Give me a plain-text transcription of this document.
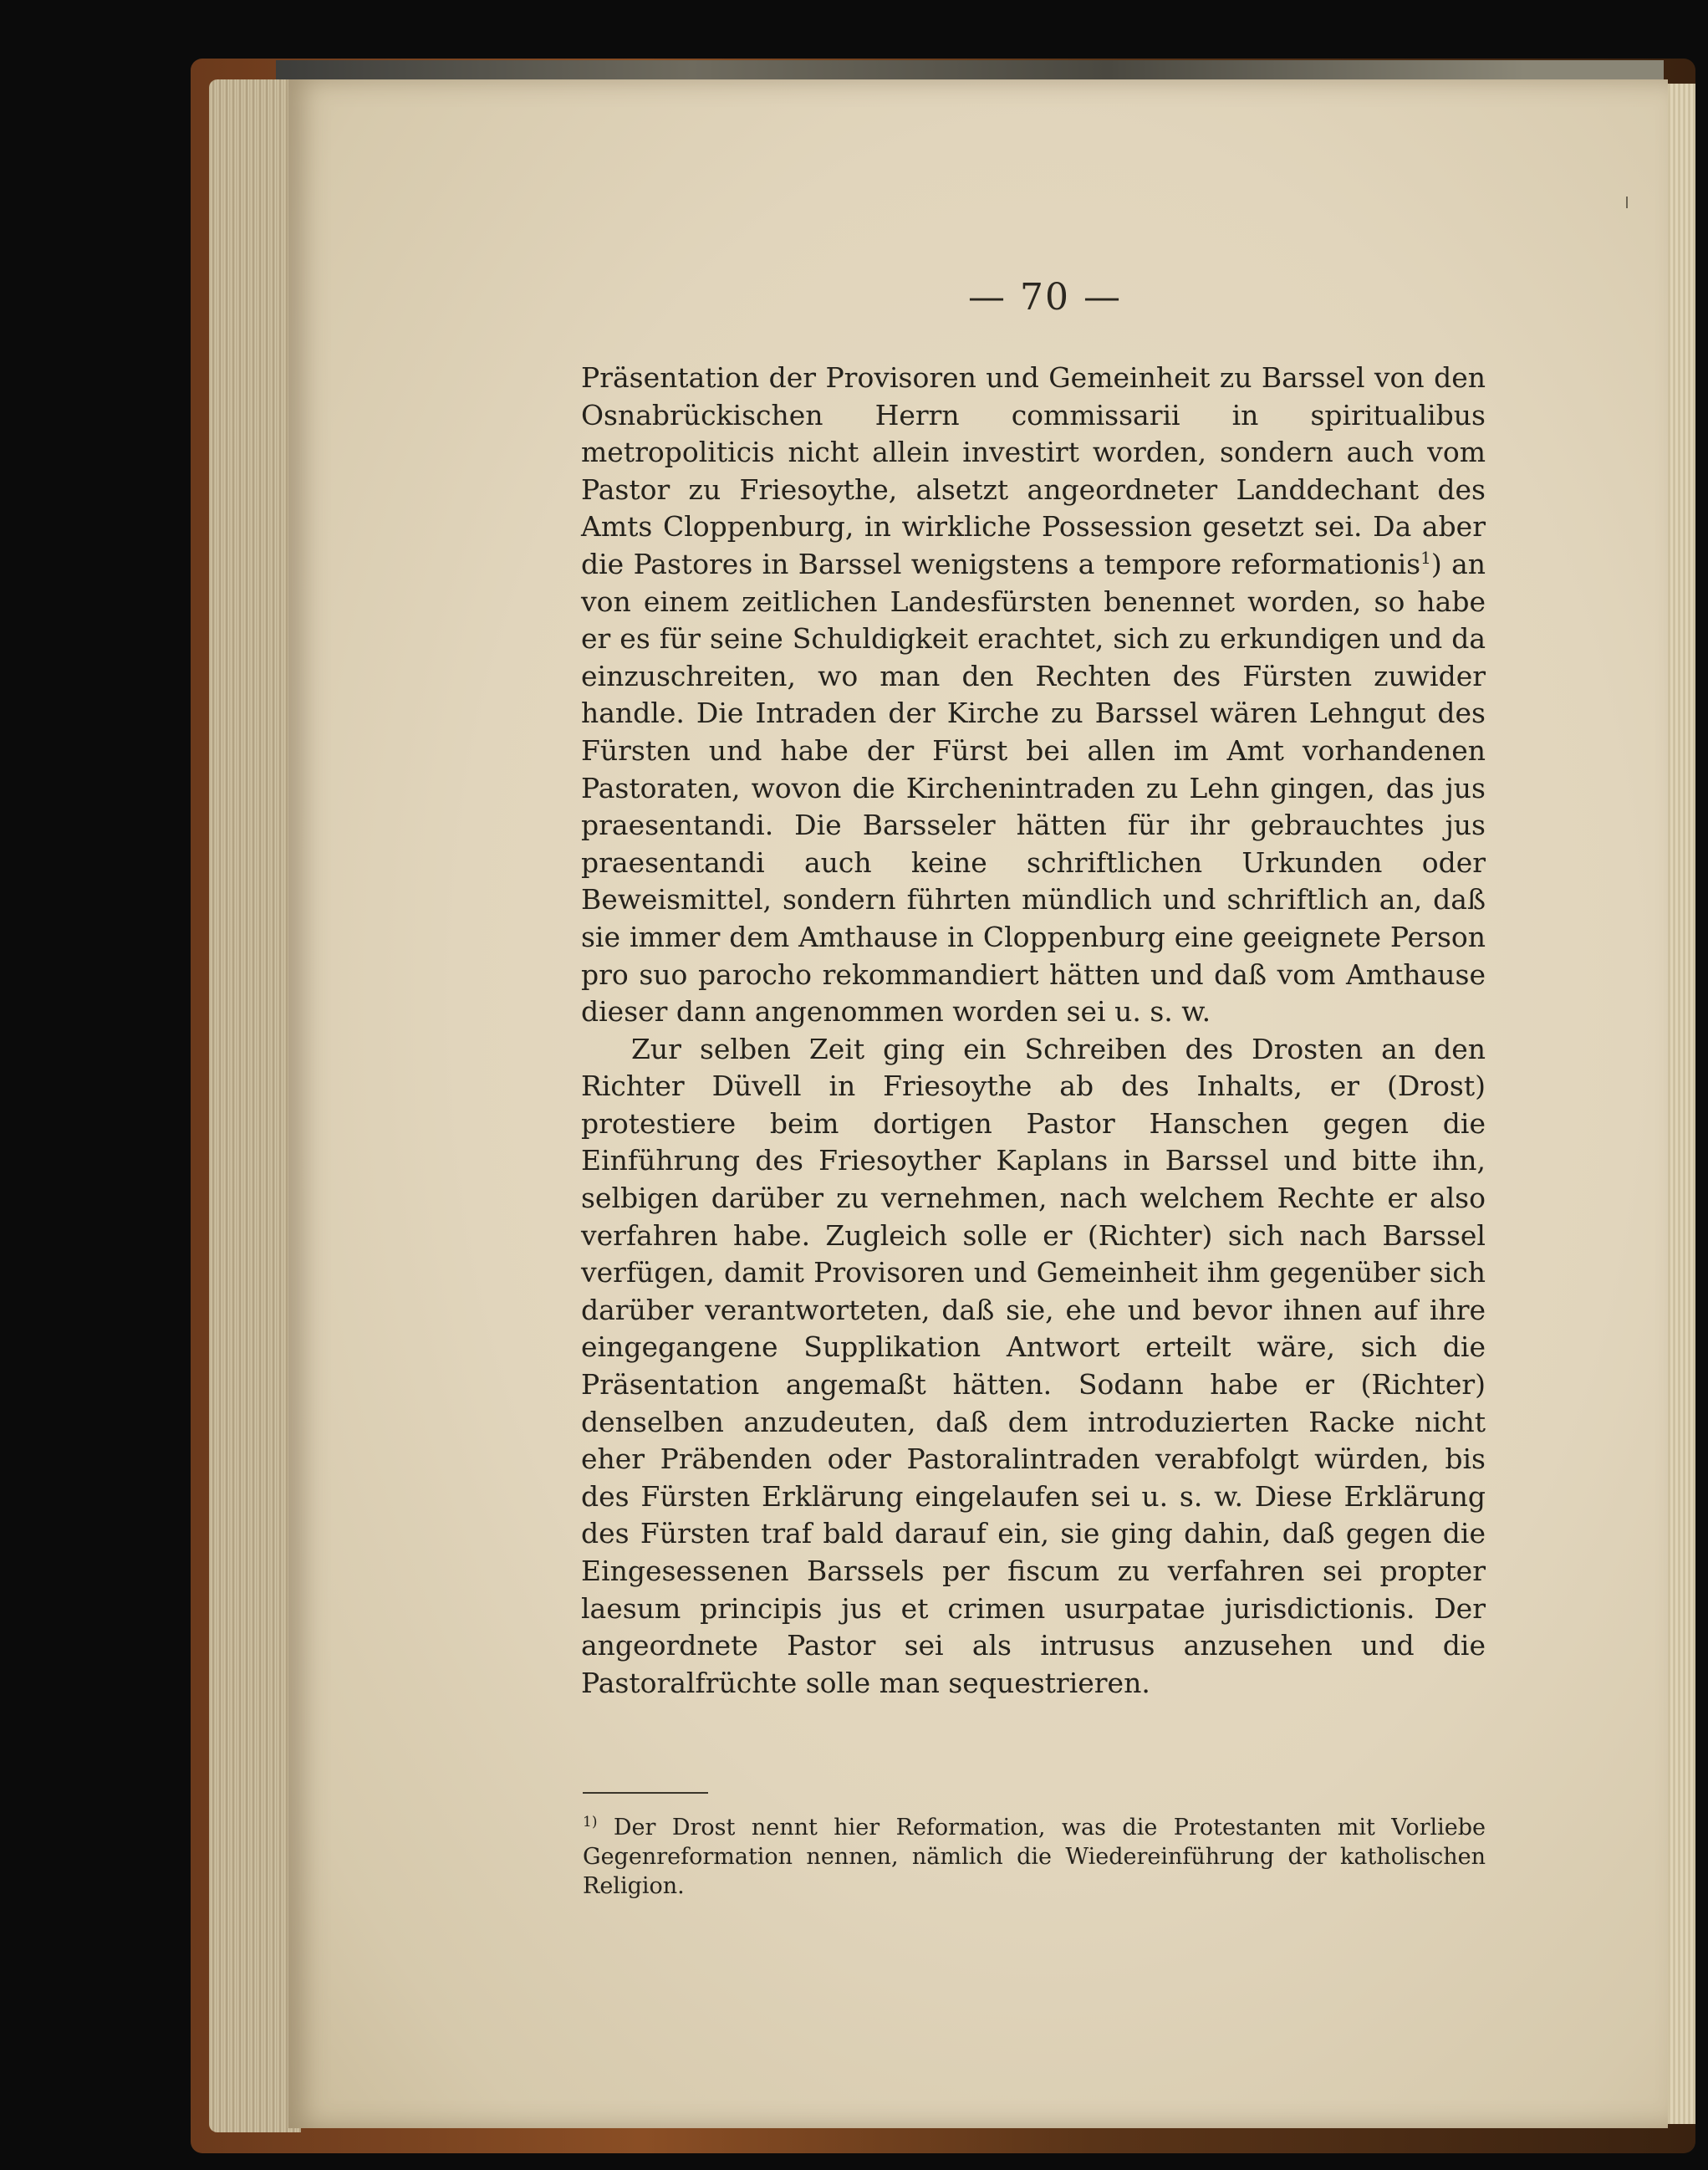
— 70 —

Präsentation der Provisoren und Gemeinheit zu Barssel von den Osnabrückischen Herrn commissarii in spiritualibus metropoliticis nicht allein investirt worden, sondern auch vom Pastor zu Friesoythe, alsetzt angeordneter Landdechant des Amts Cloppenburg, in wirkliche Possession gesetzt sei. Da aber die Pastores in Barssel wenigstens a tempore reformationis$^1$) an von einem zeitlichen Landesfürsten benennet worden, so habe er es für seine Schuldigkeit erachtet, sich zu erkundigen und da einzuschreiten, wo man den Rechten des Fürsten zuwider handle. Die Intraden der Kirche zu Barssel wären Lehngut des Fürsten und habe der Fürst bei allen im Amt vorhandenen Pastoraten, wovon die Kirchenintraden zu Lehn gingen, das jus praesentandi. Die Barsseler hätten für ihr gebrauchtes jus praesentandi auch keine schriftlichen Urkunden oder Beweismittel, sondern führten mündlich und schriftlich an, daß sie immer dem Amthause in Cloppenburg eine geeignete Person pro suo parocho rekommandiert hätten und daß vom Amthause dieser dann angenommen worden sei u. s. w.

Zur selben Zeit ging ein Schreiben des Drosten an den Richter Düvell in Friesoythe ab des Inhalts, er (Drost) protestiere beim dortigen Pastor Hanschen gegen die Einführung des Friesoyther Kaplans in Barssel und bitte ihn, selbigen darüber zu vernehmen, nach welchem Rechte er also verfahren habe. Zugleich solle er (Richter) sich nach Barssel verfügen, damit Provisoren und Gemeinheit ihm gegenüber sich darüber verantworteten, daß sie, ehe und bevor ihnen auf ihre eingegangene Supplikation Antwort erteilt wäre, sich die Präsentation angemaßt hätten. Sodann habe er (Richter) denselben anzudeuten, daß dem introduzierten Racke nicht eher Präbenden oder Pastoralintraden verabfolgt würden, bis des Fürsten Erklärung eingelaufen sei u. s. w. Diese Erklärung des Fürsten traf bald darauf ein, sie ging dahin, daß gegen die Eingesessenen Barssels per fiscum zu verfahren sei propter laesum principis jus et crimen usurpatae jurisdictionis. Der angeordnete Pastor sei als intrusus anzusehen und die Pastoralfrüchte solle man sequestrieren.

$^{1)}$ Der Drost nennt hier Reformation, was die Protestanten mit Vorliebe Gegenreformation nennen, nämlich die Wiedereinführung der katholischen Religion.
